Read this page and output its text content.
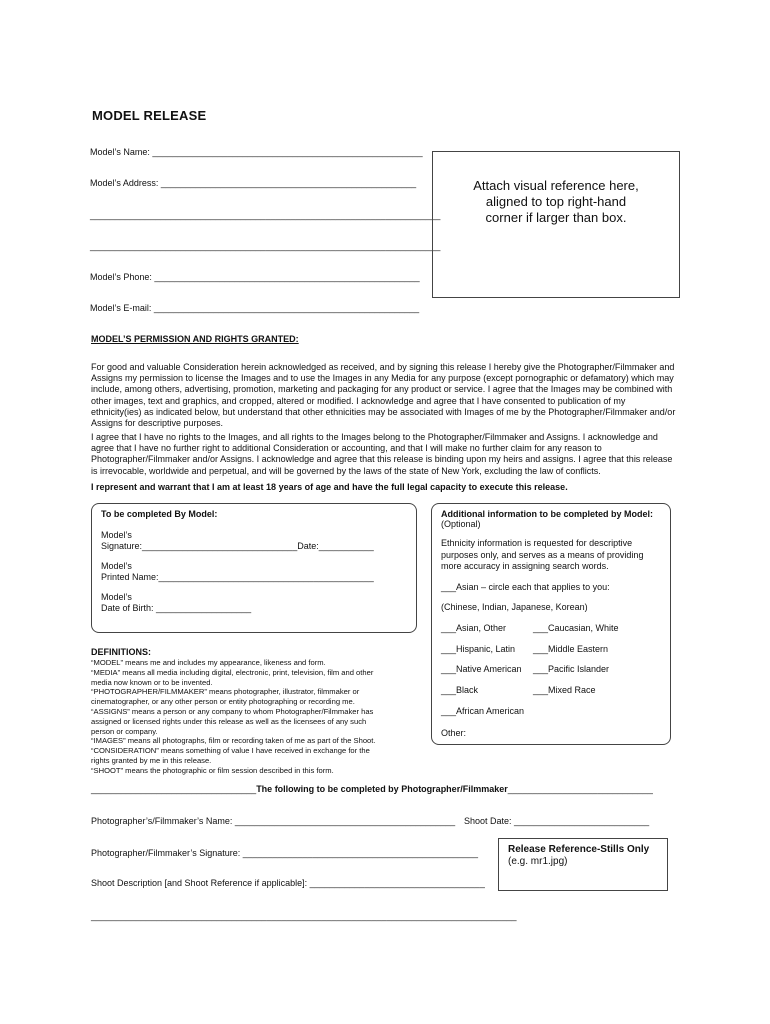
MODEL RELEASE
Model’s Name: ______________________________________________________
Model’s Address: ___________________________________________________
______________________________________________________________________
______________________________________________________________________
Model’s Phone: _____________________________________________________
Model’s E-mail: _____________________________________________________
Attach visual reference here,
aligned to top right-hand
corner if larger than box.
MODEL’S PERMISSION AND RIGHTS GRANTED:
For good and valuable Consideration herein acknowledged as received, and by signing this release I hereby give the Photographer/Filmmaker and Assigns my permission to license the Images and to use the Images in any Media for any purpose (except pornographic or defamatory) which may include, among others, advertising, promotion, marketing and packaging for any product or service. I agree that the Images may be combined with other images, text and graphics, and cropped, altered or modified. I acknowledge and agree that I have consented to publication of my ethnicity(ies) as indicated below, but understand that other ethnicities may be associated with Images of me by the Photographer/Filmmaker and/or Assigns for descriptive purposes.
I agree that I have no rights to the Images, and all rights to the Images belong to the Photographer/Filmmaker and Assigns. I acknowledge and agree that I have no further right to additional Consideration or accounting, and that I will make no further claim for any reason to Photographer/Filmmaker and/or Assigns. I acknowledge and agree that this release is binding upon my heirs and assigns. I agree that this release is irrevocable, worldwide and perpetual, and will be governed by the laws of the state of New York, excluding the law of conflicts.
I represent and warrant that I am at least 18 years of age and have the full legal capacity to execute this release.
To be completed By Model:
Model’s
Signature:_______________________________Date:___________
Model’s
Printed Name:___________________________________________
Model’s
Date of Birth: ___________________
Additional information to be completed by Model:
(Optional)
Ethnicity information is requested for descriptive purposes only, and serves as a means of providing more accuracy in assigning search words.
___Asian – circle each that applies to you:
(Chinese, Indian, Japanese, Korean)
___Asian, Other	___Caucasian, White
___Hispanic, Latin ___Middle Eastern
___Native American ___Pacific Islander
___Black	___Mixed Race
___African American
Other:
DEFINITIONS:
“MODEL” means me and includes my appearance, likeness and form.
“MEDIA” means all media including digital, electronic, print, television, film and other
media now known or to be invented.
“PHOTOGRAPHER/FILMMAKER” means photographer, illustrator, filmmaker or
cinematographer, or any other person or entity photographing or recording me.
“ASSIGNS” means a person or any company to whom Photographer/Filmmaker has
assigned or licensed rights under this release as well as the licensees of any such
person or company.
“IMAGES” means all photographs, film or recording taken of me as part of the Shoot.
“CONSIDERATION” means something of value I have received in exchange for the
rights granted by me in this release.
“SHOOT” means the photographic or film session described in this form.
_________________________________The following to be completed by Photographer/Filmmaker_____________________________
Photographer’s/Filmmaker’s Name: ____________________________________________ Shoot Date: ___________________________
Photographer/Filmmaker’s Signature: _______________________________________________
Shoot Description [and Shoot Reference if applicable]: ___________________________________
_____________________________________________________________________________________
Release Reference-Stills Only
(e.g. mr1.jpg)
